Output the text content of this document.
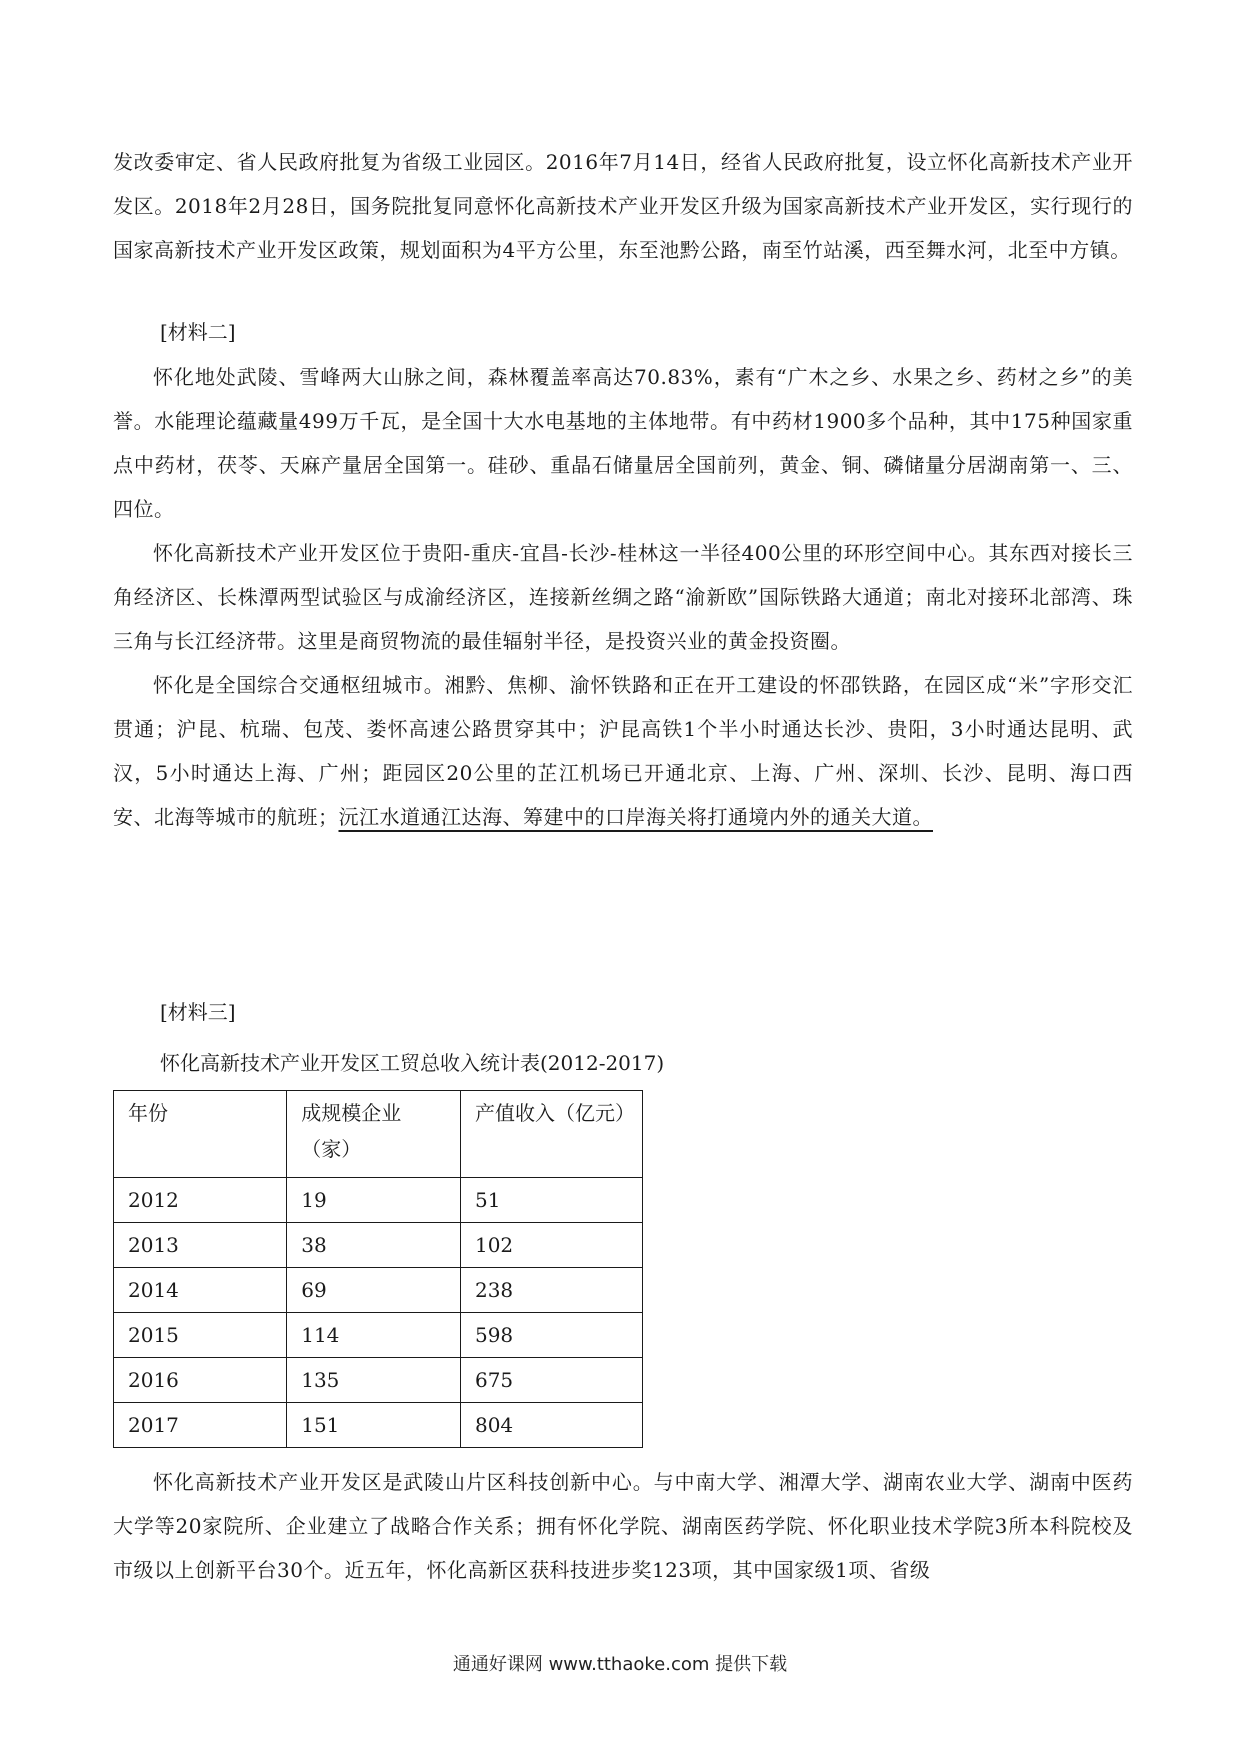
发改委审定、省人民政府批复为省级工业园区。2016年7月14日，经省人民政府批复，设立怀化高新技术产业开发区。2018年2月28日，国务院批复同意怀化高新技术产业开发区升级为国家高新技术产业开发区，实行现行的国家高新技术产业开发区政策，规划面积为4平方公里，东至池黔公路，南至竹站溪，西至舞水河，北至中方镇。

[材料二]

怀化地处武陵、雪峰两大山脉之间，森林覆盖率高达70.83%，素有“广木之乡、水果之乡、药材之乡”的美誉。水能理论蕴藏量499万千瓦，是全国十大水电基地的主体地带。有中药材1900多个品种，其中175种国家重点中药材，茯苓、天麻产量居全国第一。硅砂、重晶石储量居全国前列，黄金、铜、磷储量分居湖南第一、三、四位。

怀化高新技术产业开发区位于贵阳-重庆-宜昌-长沙-桂林这一半径400公里的环形空间中心。其东西对接长三角经济区、长株潭两型试验区与成渝经济区，连接新丝绸之路“渝新欧”国际铁路大通道；南北对接环北部湾、珠三角与长江经济带。这里是商贸物流的最佳辐射半径，是投资兴业的黄金投资圈。

怀化是全国综合交通枢纽城市。湘黔、焦柳、渝怀铁路和正在开工建设的怀邵铁路，在园区成“米”字形交汇贯通；沪昆、杭瑞、包茂、娄怀高速公路贯穿其中；沪昆高铁1个半小时通达长沙、贵阳，3小时通达昆明、武汉，5小时通达上海、广州；距园区20公里的芷江机场已开通北京、上海、广州、深圳、长沙、昆明、海口西安、北海等城市的航班；沅江水道通江达海、筹建中的口岸海关将打通境内外的通关大道。

[材料三]

怀化高新技术产业开发区工贸总收入统计表(2012-2017)

年份	成规模企业（家）	产值收入（亿元）
2012	19	51
2013	38	102
2014	69	238
2015	114	598
2016	135	675
2017	151	804

怀化高新技术产业开发区是武陵山片区科技创新中心。与中南大学、湘潭大学、湖南农业大学、湖南中医药大学等20家院所、企业建立了战略合作关系；拥有怀化学院、湖南医药学院、怀化职业技术学院3所本科院校及市级以上创新平台30个。近五年，怀化高新区获科技进步奖123项，其中国家级1项、省级

通通好课网 www.tthaoke.com 提供下载
